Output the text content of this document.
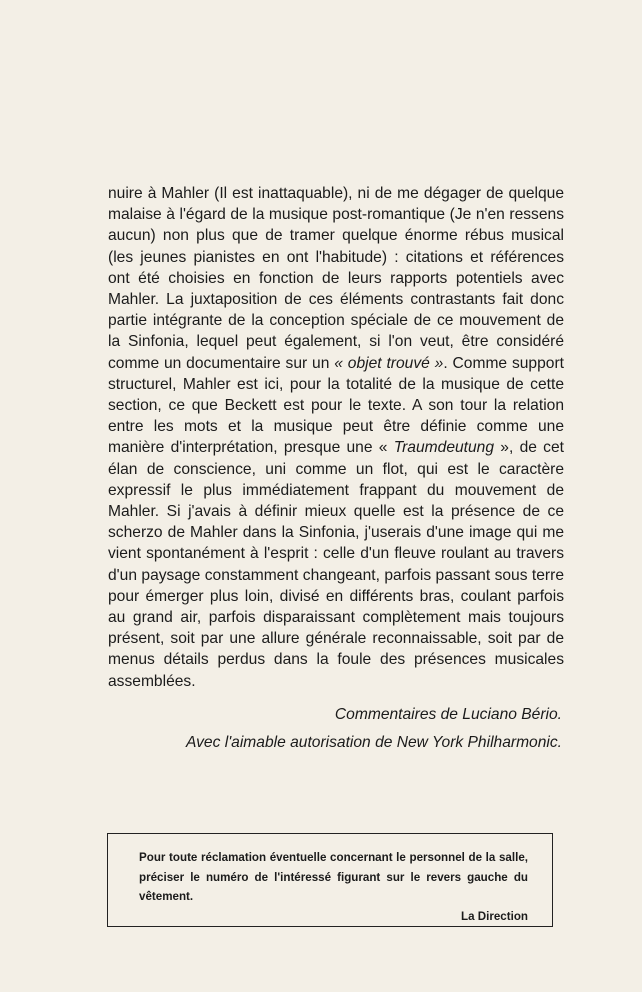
nuire à Mahler (Il est inattaquable), ni de me dégager de quelque malaise à l'égard de la musique post-romantique (Je n'en ressens aucun) non plus que de tramer quelque énorme rébus musical (les jeunes pianistes en ont l'habitude) : citations et références ont été choisies en fonction de leurs rapports potentiels avec Mahler. La juxtaposition de ces éléments contrastants fait donc partie intégrante de la conception spéciale de ce mouvement de la Sinfonia, lequel peut également, si l'on veut, être considéré comme un documentaire sur un « objet trouvé ». Comme support structurel, Mahler est ici, pour la totalité de la musique de cette section, ce que Beckett est pour le texte. A son tour la relation entre les mots et la musique peut être définie comme une manière d'interprétation, presque une « Traumdeutung », de cet élan de conscience, uni comme un flot, qui est le caractère expressif le plus immédiatement frappant du mouvement de Mahler. Si j'avais à définir mieux quelle est la présence de ce scherzo de Mahler dans la Sinfonia, j'userais d'une image qui me vient spontanément à l'esprit : celle d'un fleuve roulant au travers d'un paysage constamment changeant, parfois passant sous terre pour émerger plus loin, divisé en différents bras, coulant parfois au grand air, parfois disparaissant complètement mais toujours présent, soit par une allure générale reconnaissable, soit par de menus détails perdus dans la foule des présences musicales assemblées.

Commentaires de Luciano Bério.
Avec l'aimable autorisation de New York Philharmonic.
Pour toute réclamation éventuelle concernant le personnel de la salle, préciser le numéro de l'intéressé figurant sur le revers gauche du vêtement.
La Direction
